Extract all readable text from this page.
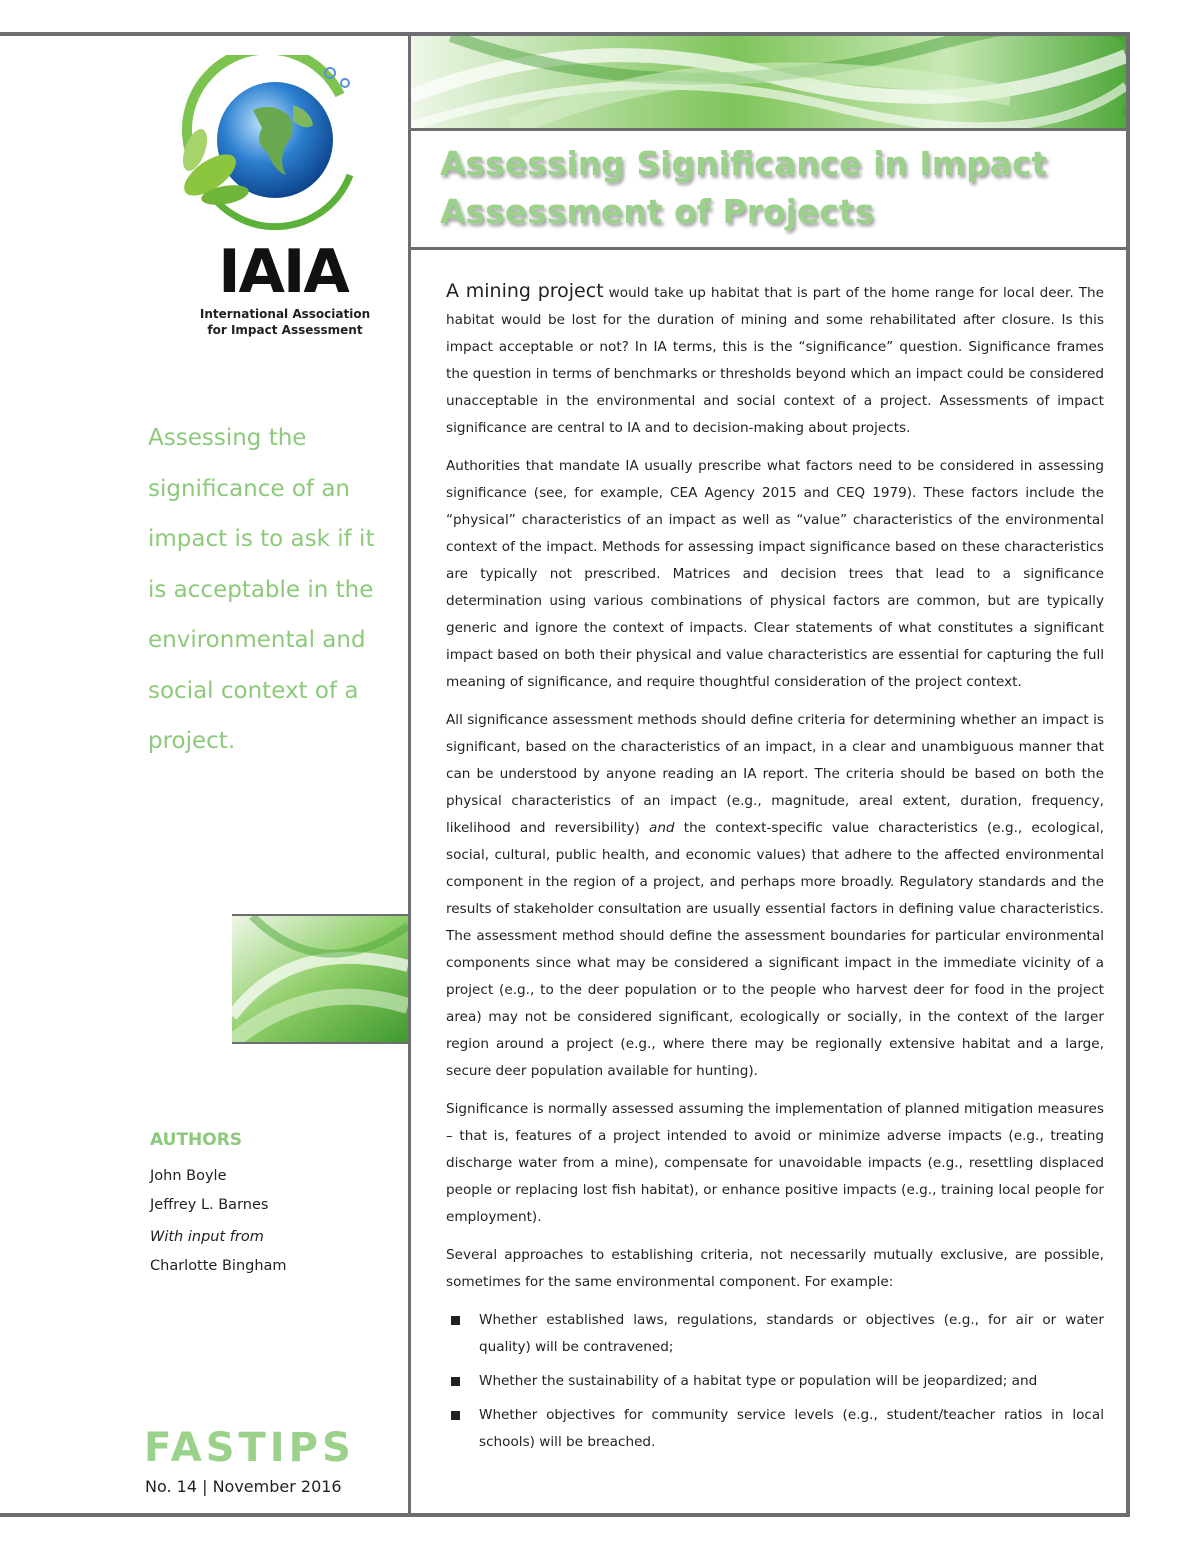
Assessing Significance in Impact
Assessment of Projects
IAIA
International Association
for Impact Assessment

Assessing the significance of an impact is to ask if it is acceptable in the environmental and social context of a project.

AUTHORS
John Boyle
Jeffrey L. Barnes
With input from
Charlotte Bingham
FASTIPS
No. 14 | November 2016

A mining project would take up habitat that is part of the home range for local deer. The habitat would be lost for the duration of mining and some rehabilitated after closure. Is this impact acceptable or not? In IA terms, this is the “significance” question. Significance frames the question in terms of benchmarks or thresholds beyond which an impact could be considered unacceptable in the environmental and social context of a project. Assessments of impact significance are central to IA and to decision-making about projects.

Authorities that mandate IA usually prescribe what factors need to be considered in assessing significance (see, for example, CEA Agency 2015 and CEQ 1979). These factors include the “physical” characteristics of an impact as well as “value” characteristics of the environmental context of the impact. Methods for assessing impact significance based on these characteristics are typically not prescribed. Matrices and decision trees that lead to a significance determination using various combinations of physical factors are common, but are typically generic and ignore the context of impacts. Clear statements of what constitutes a significant impact based on both their physical and value characteristics are essential for capturing the full meaning of significance, and require thoughtful consideration of the project context.

All significance assessment methods should define criteria for determining whether an impact is significant, based on the characteristics of an impact, in a clear and unambiguous manner that can be understood by anyone reading an IA report. The criteria should be based on both the physical characteristics of an impact (e.g., magnitude, areal extent, duration, frequency, likelihood and reversibility) and the context-specific value characteristics (e.g., ecological, social, cultural, public health, and economic values) that adhere to the affected environmental component in the region of a project, and perhaps more broadly. Regulatory standards and the results of stakeholder consultation are usually essential factors in defining value characteristics. The assessment method should define the assessment boundaries for particular environmental components since what may be considered a significant impact in the immediate vicinity of a project (e.g., to the deer population or to the people who harvest deer for food in the project area) may not be considered significant, ecologically or socially, in the context of the larger region around a project (e.g., where there may be regionally extensive habitat and a large, secure deer population available for hunting).

Significance is normally assessed assuming the implementation of planned mitigation measures – that is, features of a project intended to avoid or minimize adverse impacts (e.g., treating discharge water from a mine), compensate for unavoidable impacts (e.g., resettling displaced people or replacing lost fish habitat), or enhance positive impacts (e.g., training local people for employment).

Several approaches to establishing criteria, not necessarily mutually exclusive, are possible, sometimes for the same environmental component. For example:

Whether established laws, regulations, standards or objectives (e.g., for air or water quality) will be contravened;
Whether the sustainability of a habitat type or population will be jeopardized; and
Whether objectives for community service levels (e.g., student/teacher ratios in local schools) will be breached.
